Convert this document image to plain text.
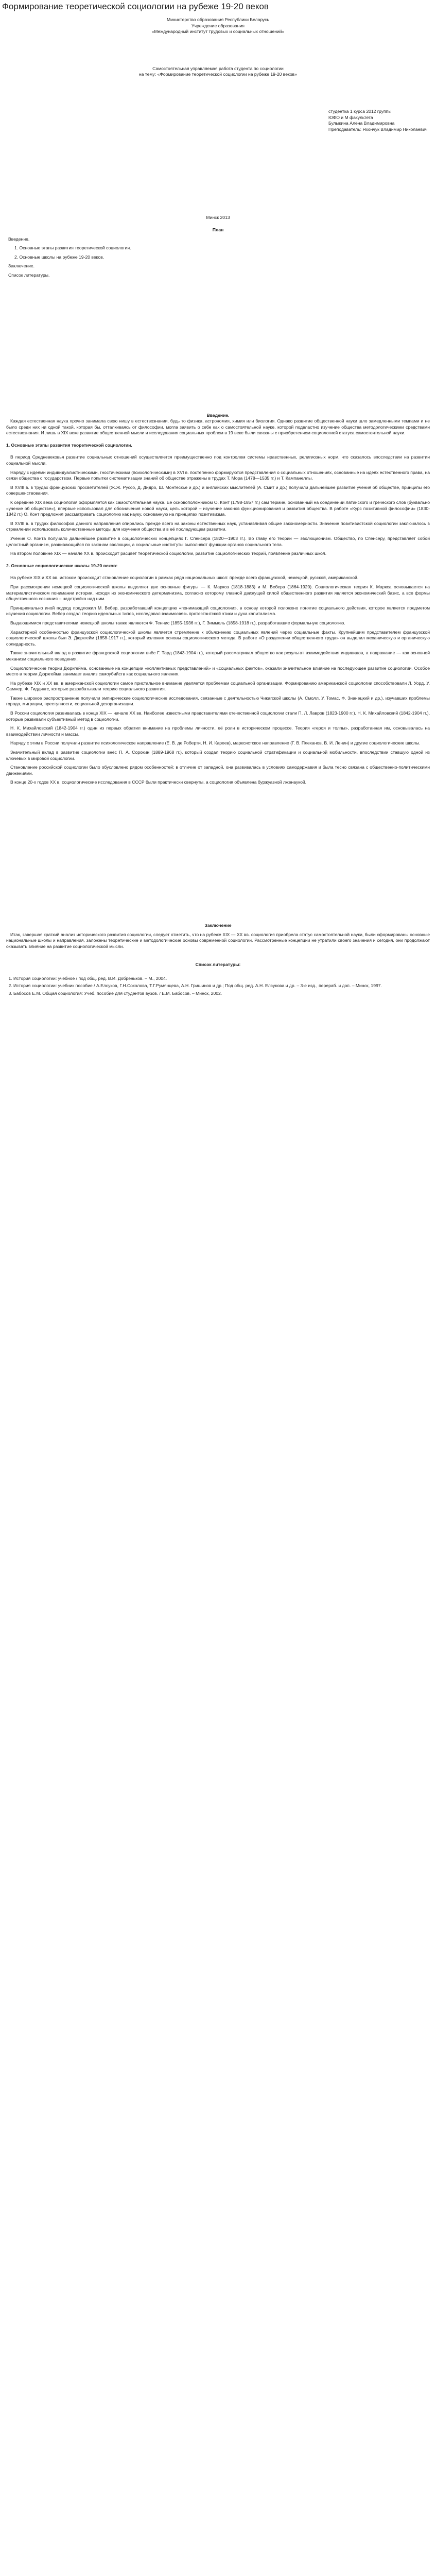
Формирование теоретической социологии на рубеже 19-20 веков

Министерство образования Республики Беларусь

Учреждение образования

«Международный институт трудовых и социальных отношений»

Самостоятельная управляемая работа студента по социологии

на тему: «Формирование теоретической социологии на рубеже 19-20 веков»

студентка 1 курса 2012 группы

ЮФО и М факультета

Булыкина Алёна Владимировна

Преподаватель: Яхончук Владимир Николаевич

Минск 2013

План

Введение.

1. Основные этапы развития теоретической социологии.

2. Основные школы на рубеже 19-20 веков.

Заключение.

Список литературы.

Введение.

Каждая естественная наука прочно занимала свою нишу в естествознании, будь то физика, астрономия, химия или биология. Однако развитие общественной науки шло замедленными темпами и не было среди них ни одной такой, которая бы, отталкиваясь от философии, могла заявить о себе как о самостоятельной науке, которой подвластно изучение общества методологическими средствами естествознания. И лишь в XIX веке развитие общественной мысли и исследования социальных проблем в 19 веке были связаны с приобретением социологией статуса самостоятельной науки.

1. Основные этапы развития теоретической социологии.

В период Средневековья развитие социальных отношений осуществляется преимущественно под контролем системы нравственных, религиозных норм, что сказалось впоследствии на развитии социальной мысли.

Наряду с идеями индивидуалистическими, гностическими (психологическими) в XVI в. постепенно формируются представления о социальных отношениях, основанные на идеях естественного права, на связи общества с государством. Первые попытки систематизации знаний об обществе отражены в трудах Т. Мора (1478—1535 гг.) и Т. Кампанеллы.

В XVIII в. в трудах французских просветителей (Ж.Ж. Руссо, Д. Дидро, Ш. Монтескье и др.) и английских мыслителей (А. Смит и др.) получили дальнейшее развитие учения об обществе, принципы его совершенствования.

К середине XIX века социология оформляется как самостоятельная наука. Ее основоположником О. Конт (1798-1857 гг.) сам термин, основанный на соединении латинского и греческого слов (буквально «учение об обществе»), впервые использовал для обозначения новой науки, цель которой – изучение законов функционирования и развития общества. В работе «Курс позитивной философии» (1830-1842 гг.) О. Конт предложил рассматривать социологию как науку, основанную на принципах позитивизма.

В XVIII в. в трудах философов данного направления опирались прежде всего на законы естественных наук, устанавливая общие закономерности. Значение позитивистской социологии заключалось в стремлении использовать количественные методы для изучения общества и в её последующем развитии.

Учение О. Конта получило дальнейшее развитие в социологических концепциях Г. Спенсера (1820—1903 гг.). Во главу его теории — эволюционизм. Общество, по Спенсеру, представляет собой целостный организм, развивающийся по законам эволюции, а социальные институты выполняют функции органов социального тела.

На втором половине XIX — начале XX в. происходит расцвет теоретической социологии, развитие социологических теорий, появление различных школ.

2. Основные социологические школы 19-20 веков:

На рубеже XIX и XX вв. истоком происходит становление социологии в рамках ряда национальных школ: прежде всего французской, немецкой, русской, американской.

При рассмотрении немецкой социологической школы выделяют две основные фигуры — К. Маркса (1818-1883) и М. Вебера (1864-1920). Социологическая теория К. Маркса основывается на материалистическом понимании истории, исходя из экономического детерминизма, согласно которому главной движущей силой общественного развития является экономический базис, а все формы общественного сознания – надстройка над ним.

Принципиально иной подход предложил М. Вебер, разработавший концепцию «понимающей социологии», в основу которой положено понятие социального действия, которое является предметом изучения социологии. Вебер создал теорию идеальных типов, исследовал взаимосвязь протестантской этики и духа капитализма.

Выдающимися представителями немецкой школы также являются Ф. Теннис (1855-1936 гг.), Г. Зиммель (1858-1918 гг.), разработавшие формальную социологию.

Характерной особенностью французской социологической школы является стремление к объяснению социальных явлений через социальные факты. Крупнейшим представителем французской социологической школы был Э. Дюркгейм (1858-1917 гг.), который изложил основы социологического метода. В работе «О разделении общественного труда» он выделил механическую и органическую солидарность.

Также значительный вклад в развитие французской социологии внёс Г. Тард (1843-1904 гг.), который рассматривал общество как результат взаимодействия индивидов, а подражание — как основной механизм социального поведения.

Социологические теории Дюркгейма, основанные на концепции «коллективных представлений» и «социальных фактов», оказали значительное влияние на последующее развитие социологии. Особое место в теории Дюркгейма занимает анализ самоубийств как социального явления.

На рубеже XIX и XX вв. в американской социологии самое пристальное внимание уделяется проблемам социальной организации. Формированию американской социологии способствовали Л. Уорд, У. Самнер, Ф. Гиддингс, которые разрабатывали теорию социального развития.

Также широкое распространение получили эмпирические социологические исследования, связанные с деятельностью Чикагской школы (А. Смолл, У. Томас, Ф. Знанецкий и др.), изучавших проблемы города, миграции, преступности, социальной дезорганизации.

В России социология развивалась в конце XIX — начале XX вв. Наиболее известными представителями отечественной социологии стали П. Л. Лавров (1823-1900 гг.), Н. К. Михайловский (1842-1904 гг.), которые развивали субъективный метод в социологии.

Н. К. Михайловский (1842-1904 гг.) один из первых обратил внимание на проблемы личности, её роли в историческом процессе. Теория «героя и толпы», разработанная им, основывалась на взаимодействии личности и массы.

Наряду с этим в России получили развитие психологическое направление (Е. В. де Роберти, Н. И. Кареев), марксистское направление (Г. В. Плеханов, В. И. Ленин) и другие социологические школы.

Значительный вклад в развитие социологии внёс П. А. Сорокин (1889-1968 гг.), который создал теорию социальной стратификации и социальной мобильности, впоследствии ставшую одной из ключевых в мировой социологии.

Становление российской социологии было обусловлено рядом особенностей: в отличие от западной, она развивалась в условиях самодержавия и была тесно связана с общественно-политическими движениями.

В конце 20-х годов XX в. социологические исследования в СССР были практически свернуты, а социология объявлена буржуазной лженаукой.

Заключение

Итак, завершая краткий анализ исторического развития социологии, следует отметить, что на рубеже XIX — XX вв. социология приобрела статус самостоятельной науки, были сформированы основные национальные школы и направления, заложены теоретические и методологические основы современной социологии. Рассмотренные концепции не утратили своего значения и сегодня, они продолжают оказывать влияние на развитие социологической мысли.

Список литературы:

1. История социологии: учебное / под общ. ред. В.И. Добреньков. – М., 2004.
2. История социологии: учебник пособие / А.Елсуков, Г.Н.Соколова, Т.Г.Румянцева, А.Н. Гришинов и др.; Под общ. ред. А.Н. Елсукова и др. – 3-е изд., перераб. и доп. – Минск, 1997.
3. Бабосов Е.М. Общая социология: Учеб. пособие для студентов вузов. / Е.М. Бабосов. – Минск, 2002.
